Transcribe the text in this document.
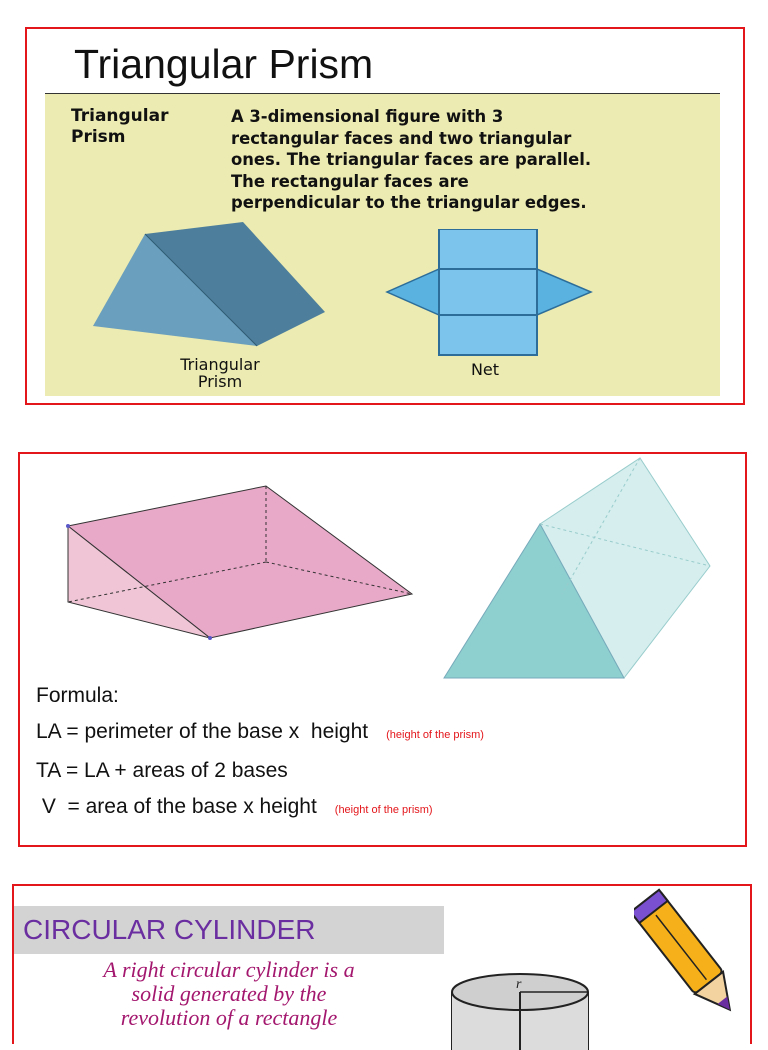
Triangular Prism
Triangular Prism
A 3-dimensional figure with 3
rectangular faces and two triangular
ones. The triangular faces are parallel.
The rectangular faces are
perpendicular to the triangular edges.
Triangular
Prism
Net
Formula:
LA = perimeter of the base x  height (height of the prism)
TA = LA + areas of 2 bases
V  = area of the base x height (height of the prism)
CIRCULAR CYLINDER
A right circular cylinder is a
solid generated by the
revolution of a rectangle
r
